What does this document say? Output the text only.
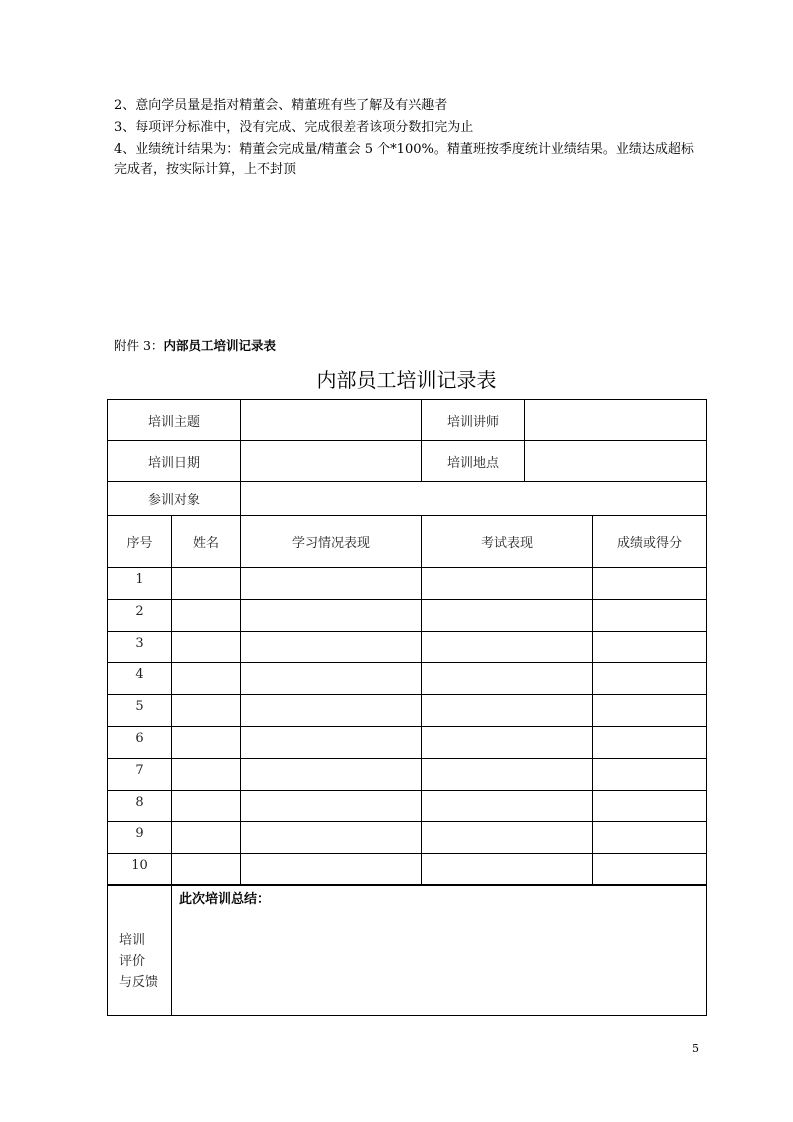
2、意向学员量是指对精董会、精董班有些了解及有兴趣者
3、每项评分标准中，没有完成、完成很差者该项分数扣完为止
4、业绩统计结果为：精董会完成量/精董会 5 个*100%。精董班按季度统计业绩结果。业绩达成超标完成者，按实际计算，上不封顶
附件 3：内部员工培训记录表
内部员工培训记录表
培训主题	培训讲师
培训日期	培训地点
参训对象
序号	姓名	学习情况表现	考试表现	成绩或得分
1
2
3
4
5
6
7
8
9
10
培训
评价
与反馈
此次培训总结：
5
